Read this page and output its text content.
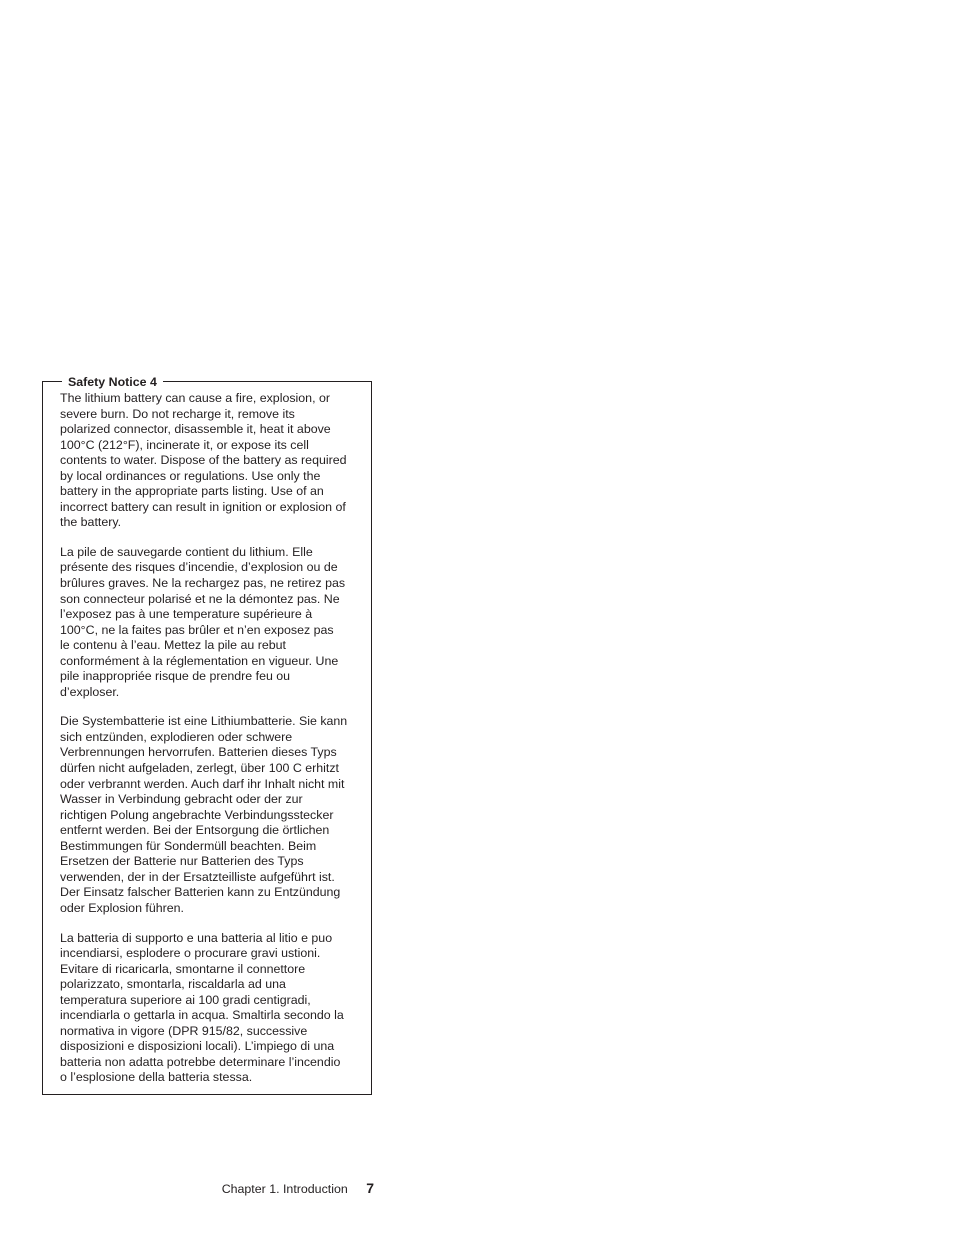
Safety Notice 4

The lithium battery can cause a fire, explosion, or
severe burn. Do not recharge it, remove its
polarized connector, disassemble it, heat it above
100°C (212°F), incinerate it, or expose its cell
contents to water. Dispose of the battery as required
by local ordinances or regulations. Use only the
battery in the appropriate parts listing. Use of an
incorrect battery can result in ignition or explosion of
the battery.

La pile de sauvegarde contient du lithium. Elle
présente des risques d’incendie, d’explosion ou de
brûlures graves. Ne la rechargez pas, ne retirez pas
son connecteur polarisé et ne la démontez pas. Ne
l’exposez pas à une temperature supérieure à
100°C, ne la faites pas brûler et n’en exposez pas
le contenu à l’eau. Mettez la pile au rebut
conformément à la réglementation en vigueur. Une
pile inappropriée risque de prendre feu ou
d’exploser.

Die Systembatterie ist eine Lithiumbatterie. Sie kann
sich entzünden, explodieren oder schwere
Verbrennungen hervorrufen. Batterien dieses Typs
dürfen nicht aufgeladen, zerlegt, über 100 C erhitzt
oder verbrannt werden. Auch darf ihr Inhalt nicht mit
Wasser in Verbindung gebracht oder der zur
richtigen Polung angebrachte Verbindungsstecker
entfernt werden. Bei der Entsorgung die örtlichen
Bestimmungen für Sondermüll beachten. Beim
Ersetzen der Batterie nur Batterien des Typs
verwenden, der in der Ersatzteilliste aufgeführt ist.
Der Einsatz falscher Batterien kann zu Entzündung
oder Explosion führen.

La batteria di supporto e una batteria al litio e puo
incendiarsi, esplodere o procurare gravi ustioni.
Evitare di ricaricarla, smontarne il connettore
polarizzato, smontarla, riscaldarla ad una
temperatura superiore ai 100 gradi centigradi,
incendiarla o gettarla in acqua. Smaltirla secondo la
normativa in vigore (DPR 915/82, successive
disposizioni e disposizioni locali). L’impiego di una
batteria non adatta potrebbe determinare l’incendio
o l’esplosione della batteria stessa.

Chapter 1. Introduction 7
